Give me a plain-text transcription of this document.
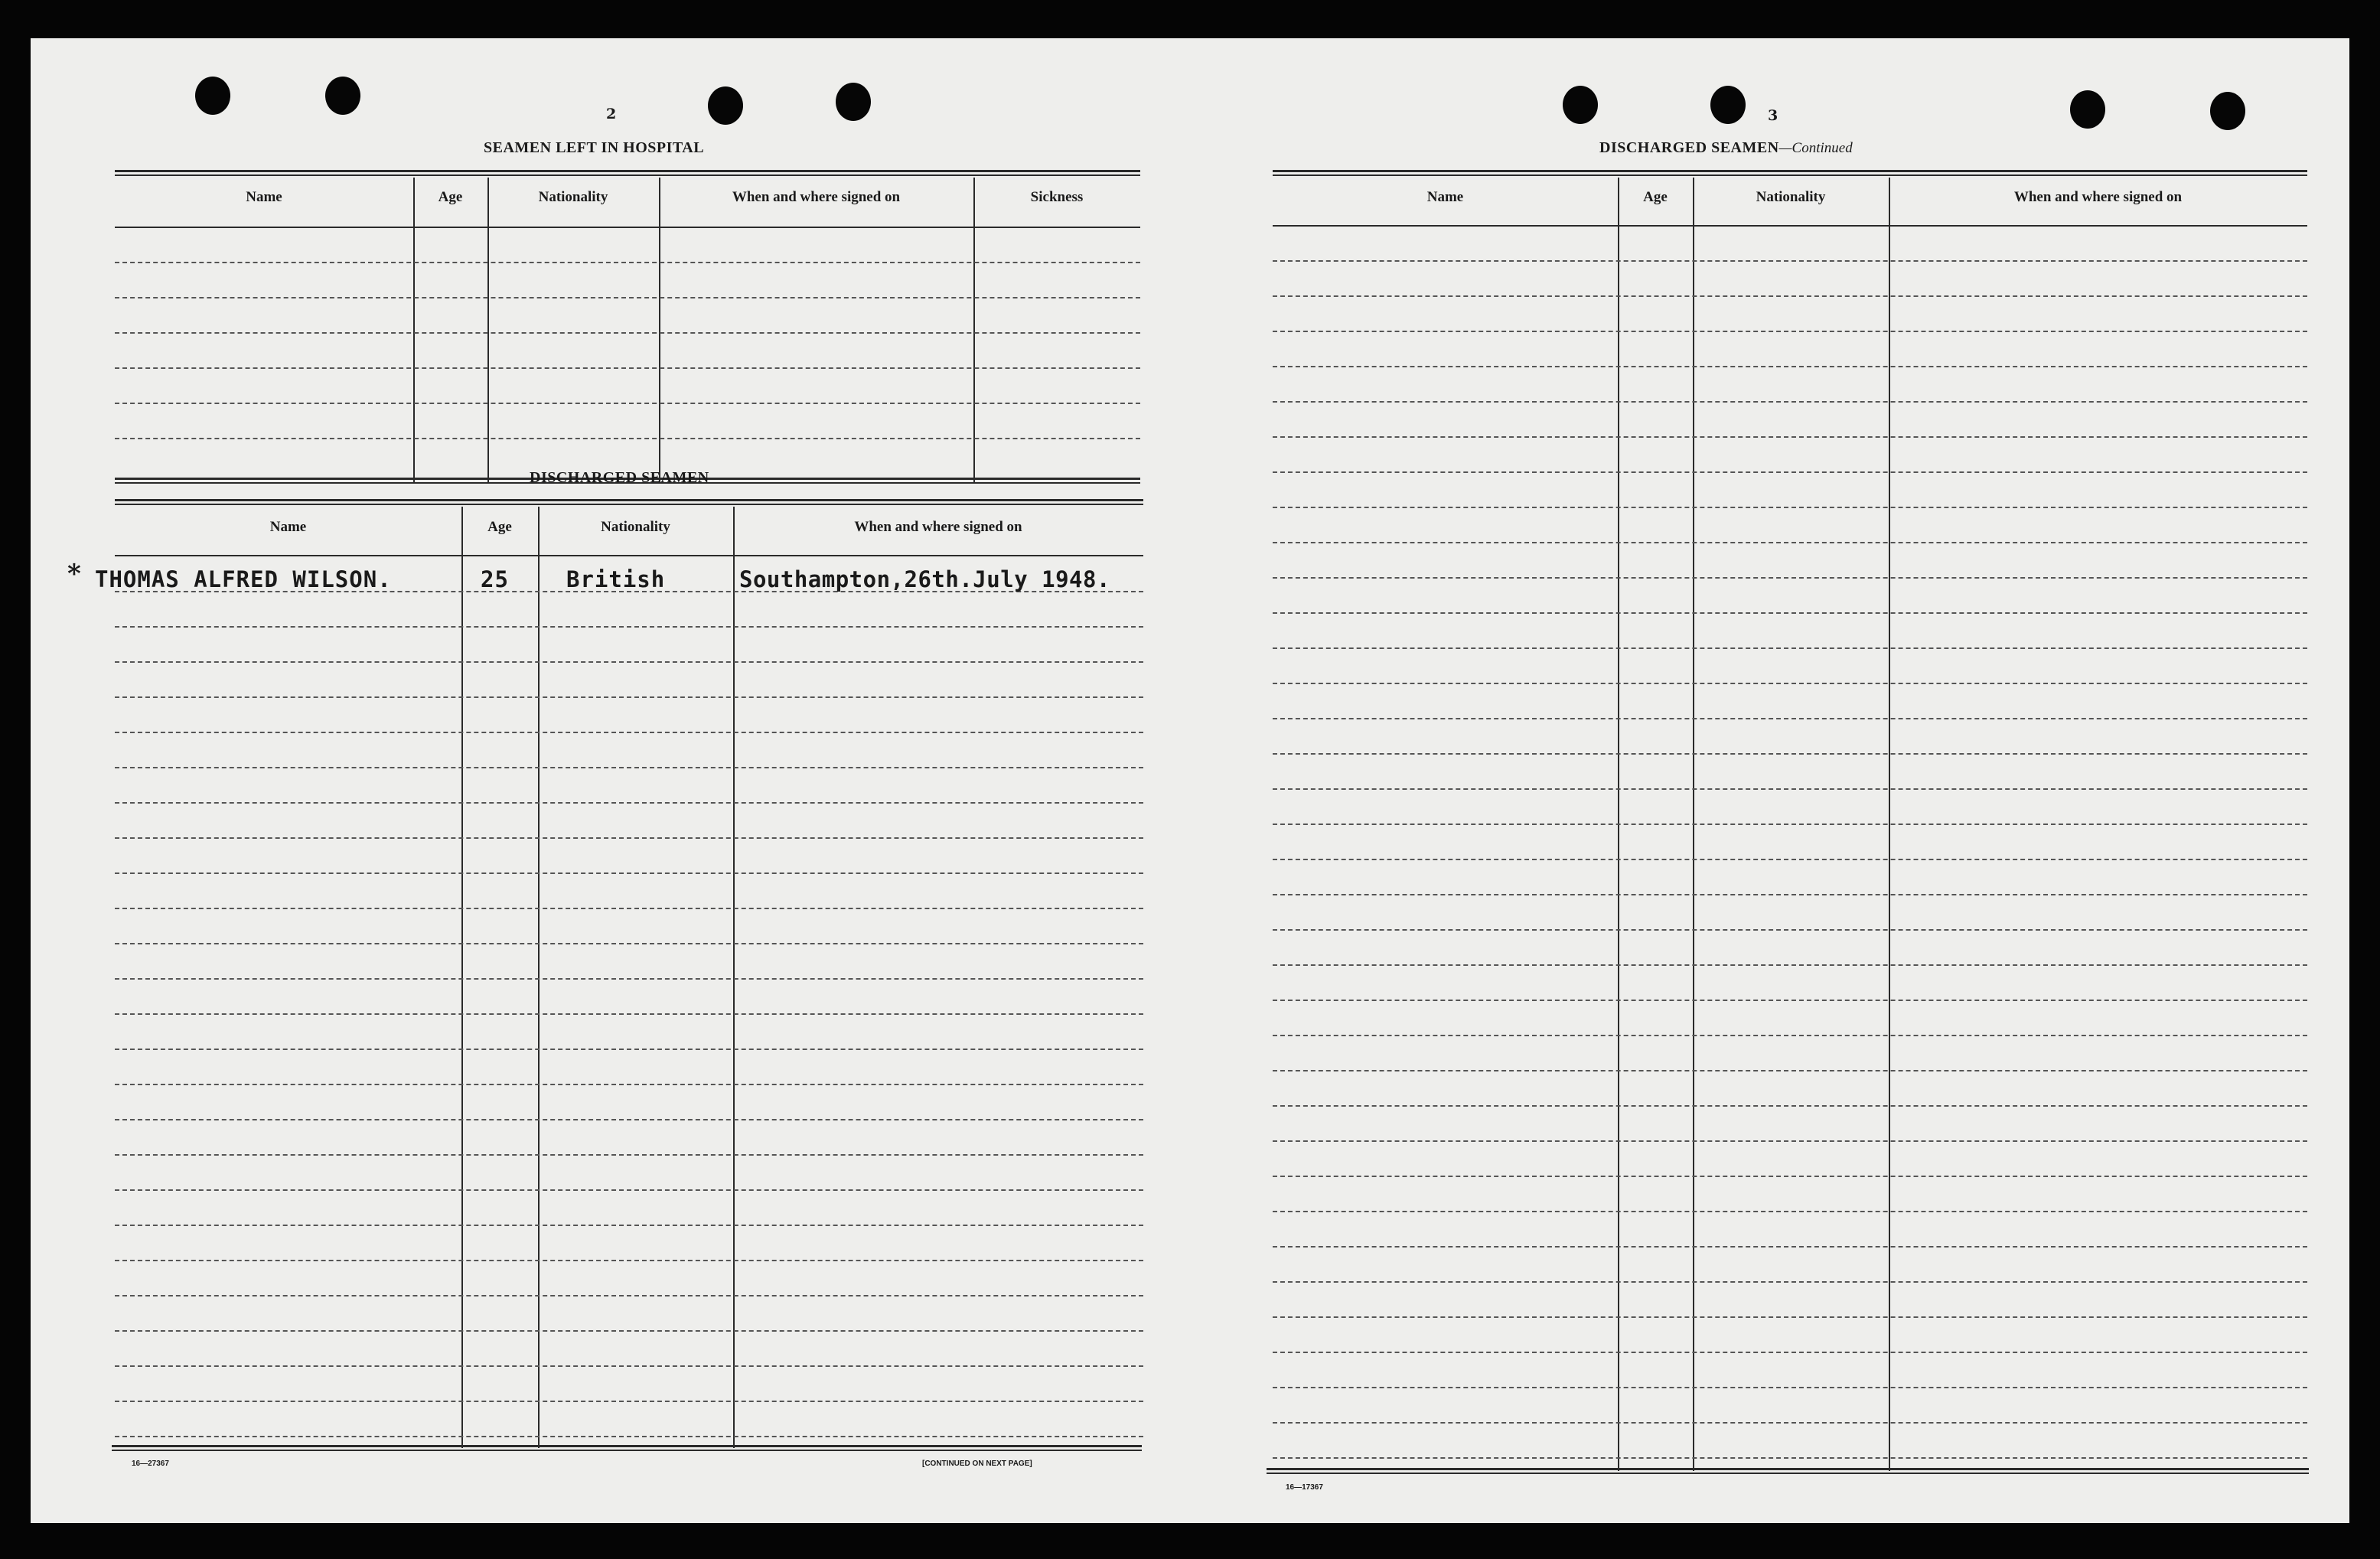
2
SEAMEN LEFT IN HOSPITAL
Name	Age	Nationality	When and where signed on	Sickness
DISCHARGED SEAMEN
Name	Age	Nationality	When and where signed on
* THOMAS ALFRED WILSON.	25	British	Southampton,26th.July 1948.
16—27367	[CONTINUED ON NEXT PAGE]
3
DISCHARGED SEAMEN—Continued
Name	Age	Nationality	When and where signed on
16—17367
